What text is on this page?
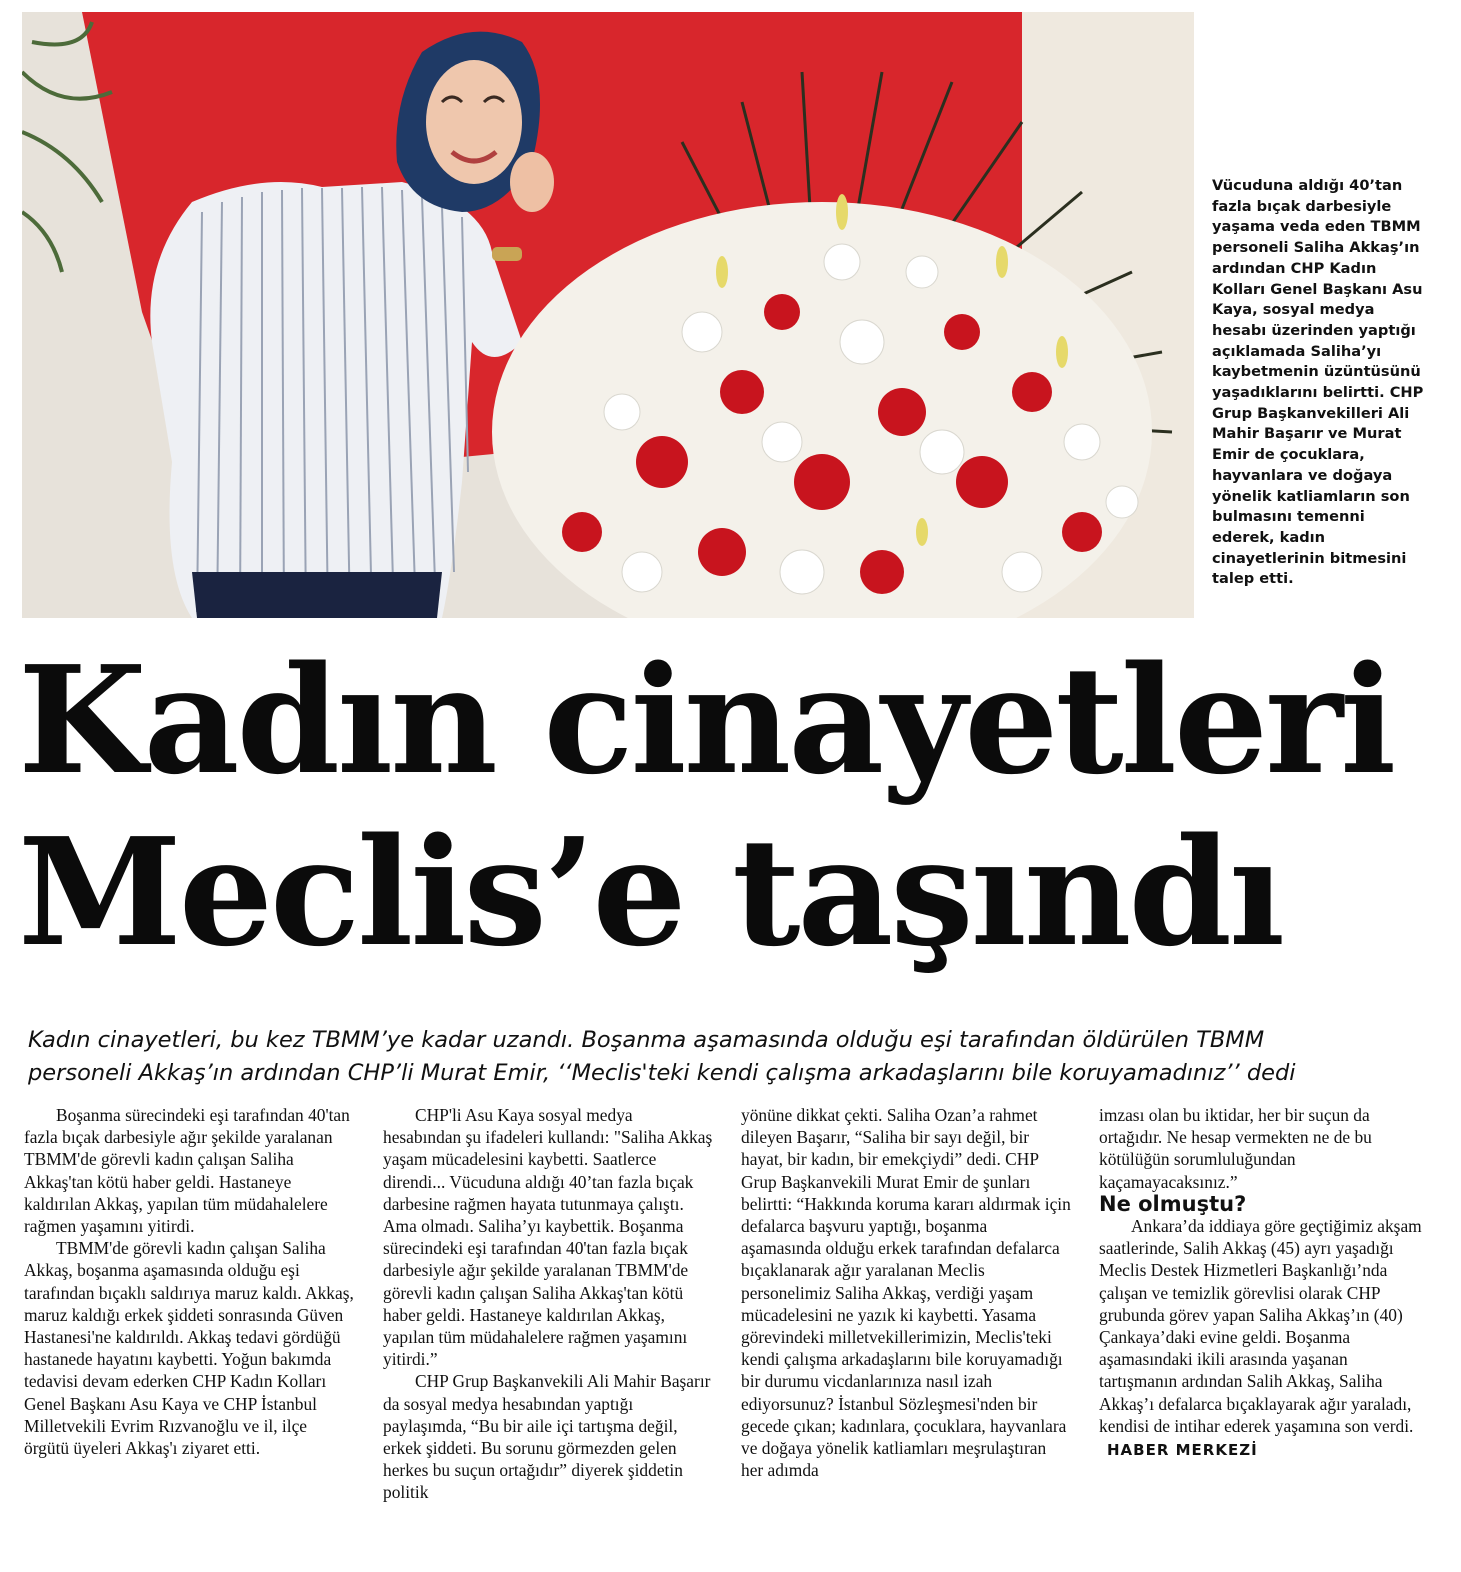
Vücuduna aldığı 40’tan fazla bıçak darbesiyle yaşama veda eden TBMM personeli Saliha Akkaş’ın ardından CHP Kadın Kolları Genel Başkanı Asu Kaya, sosyal medya hesabı üzerinden yaptığı açıklamada Saliha’yı kaybetmenin üzüntüsünü yaşadıklarını belirtti. CHP Grup Başkanvekilleri Ali Mahir Başarır ve Murat Emir de çocuklara, hayvanlara ve doğaya yönelik katliamların son bulmasını temenni ederek, kadın cinayetlerinin bitmesini talep etti.
Kadın cinayetleri
Meclis’e taşındı
Kadın cinayetleri, bu kez TBMM’ye kadar uzandı. Boşanma aşamasında olduğu eşi tarafından öldürülen TBMM
personeli Akkaş’ın ardından CHP’li Murat Emir, ‘‘Meclis'teki kendi çalışma arkadaşlarını bile koruyamadınız’’ dedi

Boşanma sürecindeki eşi tarafından 40'tan fazla bıçak darbesiyle ağır şekilde yaralanan TBMM'de görevli kadın çalışan Saliha Akkaş'tan kötü haber geldi. Hastaneye kaldırılan Akkaş, yapılan tüm müdahalelere rağmen yaşamını yitirdi.

TBMM'de görevli kadın çalışan Saliha Akkaş, boşanma aşamasında olduğu eşi tarafından bıçaklı saldırıya maruz kaldı. Akkaş, maruz kaldığı erkek şiddeti sonrasında Güven Hastanesi'ne kaldırıldı. Akkaş tedavi gördüğü hastanede hayatını kaybetti. Yoğun bakımda tedavisi devam ederken CHP Kadın Kolları Genel Başkanı Asu Kaya ve CHP İstanbul Milletvekili Evrim Rızvanoğlu ve il, ilçe örgütü üyeleri Akkaş'ı ziyaret etti.

CHP'li Asu Kaya sosyal medya hesabından şu ifadeleri kullandı: "Saliha Akkaş yaşam mücadelesini kaybetti. Saatlerce direndi... Vücuduna aldığı 40’tan fazla bıçak darbesine rağmen hayata tutunmaya çalıştı. Ama olmadı. Saliha’yı kaybettik. Boşanma sürecindeki eşi tarafından 40'tan fazla bıçak darbesiyle ağır şekilde yaralanan TBMM'de görevli kadın çalışan Saliha Akkaş'tan kötü haber geldi. Hastaneye kaldırılan Akkaş, yapılan tüm müdahalelere rağmen yaşamını yitirdi.”

CHP Grup Başkanvekili Ali Mahir Başarır da sosyal medya hesabından yaptığı paylaşımda, “Bu bir aile içi tartışma değil, erkek şiddeti. Bu sorunu görmezden gelen herkes bu suçun ortağıdır” diyerek şiddetin politik

yönüne dikkat çekti. Saliha Ozan’a rahmet dileyen Başarır, “Saliha bir sayı değil, bir hayat, bir kadın, bir emekçiydi” dedi. CHP Grup Başkanvekili Murat Emir de şunları belirtti: “Hakkında koruma kararı aldırmak için defalarca başvuru yaptığı, boşanma aşamasında olduğu erkek tarafından defalarca bıçaklanarak ağır yaralanan Meclis personelimiz Saliha Akkaş, verdiği yaşam mücadelesini ne yazık ki kaybetti. Yasama görevindeki milletvekillerimizin, Meclis'teki kendi çalışma arkadaşlarını bile koruyamadığı bir durumu vicdanlarınıza nasıl izah ediyorsunuz? İstanbul Sözleşmesi'nden bir gecede çıkan; kadınlara, çocuklara, hayvanlara ve doğaya yönelik katliamları meşrulaştıran her adımda

imzası olan bu iktidar, her bir suçun da ortağıdır. Ne hesap vermekten ne de bu kötülüğün sorumluluğundan kaçamayacaksınız.”

Ne olmuştu?

Ankara’da iddiaya göre geçtiğimiz akşam saatlerinde, Salih Akkaş (45) ayrı yaşadığı Meclis Destek Hizmetleri Başkanlığı’nda çalışan ve temizlik görevlisi olarak CHP grubunda görev yapan Saliha Akkaş’ın (40) Çankaya’daki evine geldi. Boşanma aşamasındaki ikili arasında yaşanan tartışmanın ardından Salih Akkaş, Saliha Akkaş’ı defalarca bıçaklayarak ağır yaraladı, kendisi de intihar ederek yaşamına son verdi.

HABER MERKEZİ
